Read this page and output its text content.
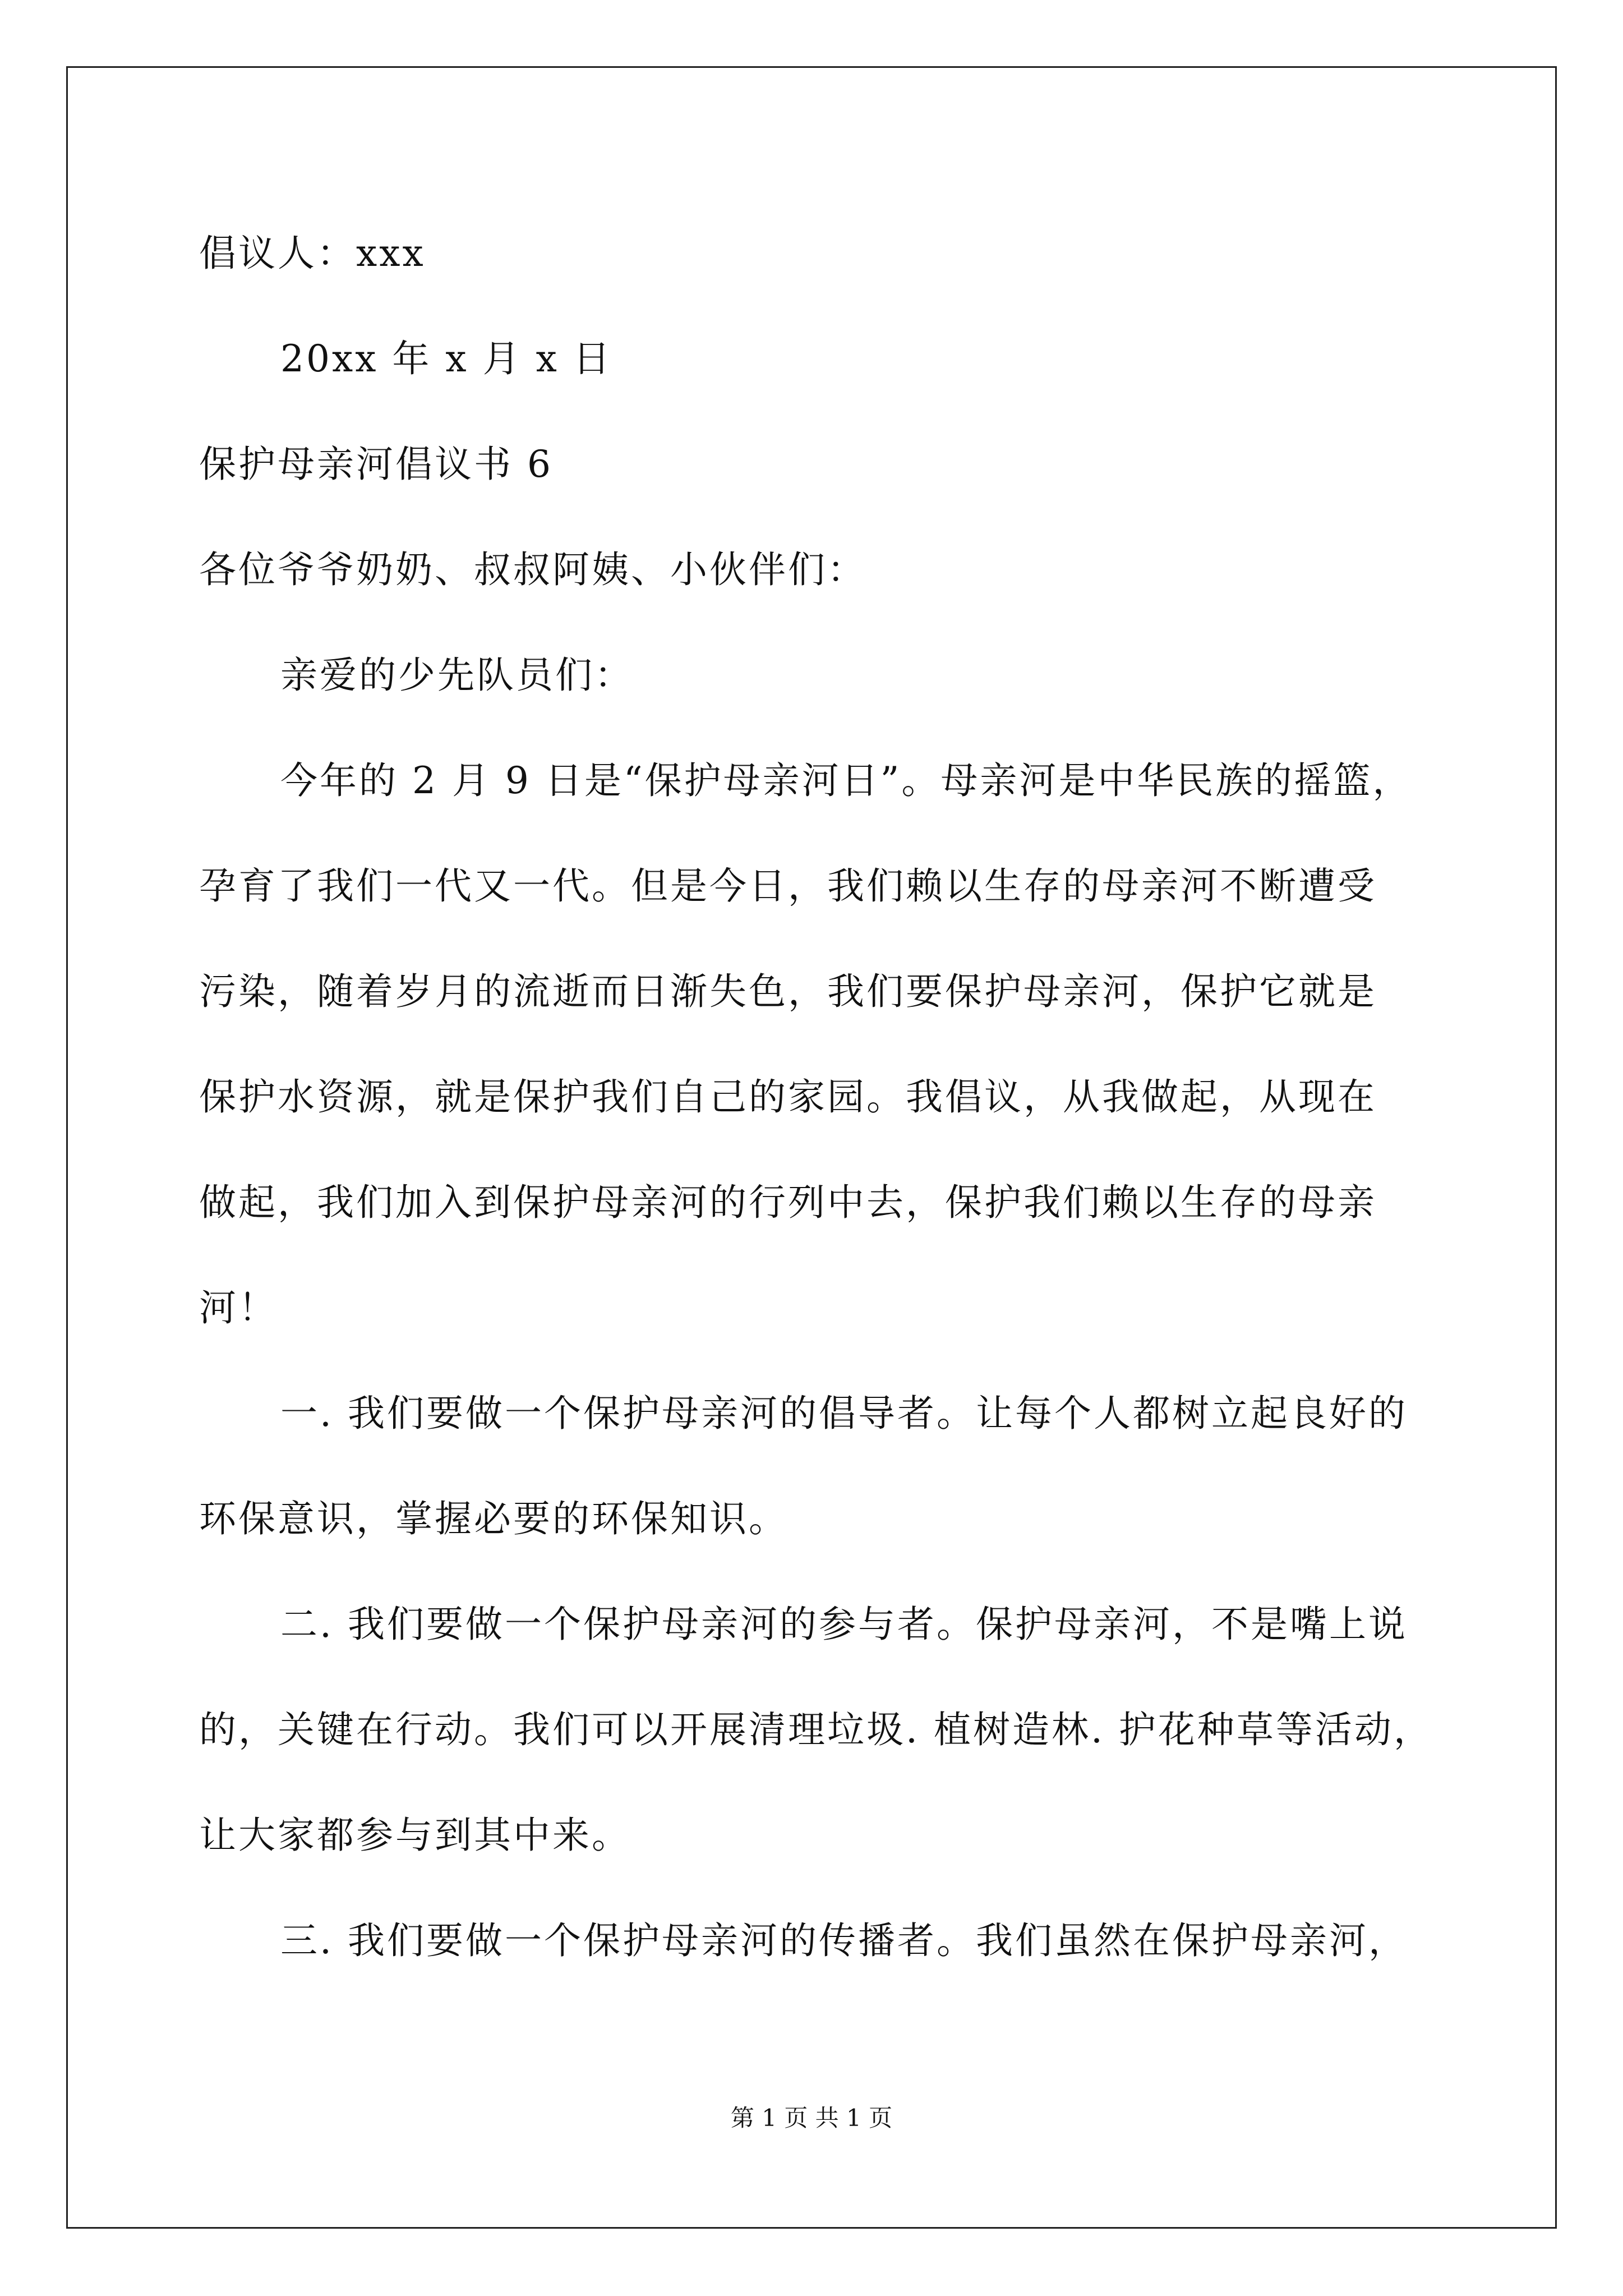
倡议人：xxx
20xx 年 x 月 x 日
保护母亲河倡议书 6
各位爷爷奶奶、叔叔阿姨、小伙伴们：
亲爱的少先队员们：
今年的 2 月 9 日是“保护母亲河日”。母亲河是中华民族的摇篮，
孕育了我们一代又一代。但是今日，我们赖以生存的母亲河不断遭受
污染，随着岁月的流逝而日渐失色，我们要保护母亲河，保护它就是
保护水资源，就是保护我们自己的家园。我倡议，从我做起，从现在
做起，我们加入到保护母亲河的行列中去，保护我们赖以生存的母亲
河！
一. 我们要做一个保护母亲河的倡导者。让每个人都树立起良好的
环保意识，掌握必要的环保知识。
二. 我们要做一个保护母亲河的参与者。保护母亲河，不是嘴上说
的，关键在行动。我们可以开展清理垃圾. 植树造林. 护花种草等活动，
让大家都参与到其中来。
三. 我们要做一个保护母亲河的传播者。我们虽然在保护母亲河，
第 1 页 共 1 页
